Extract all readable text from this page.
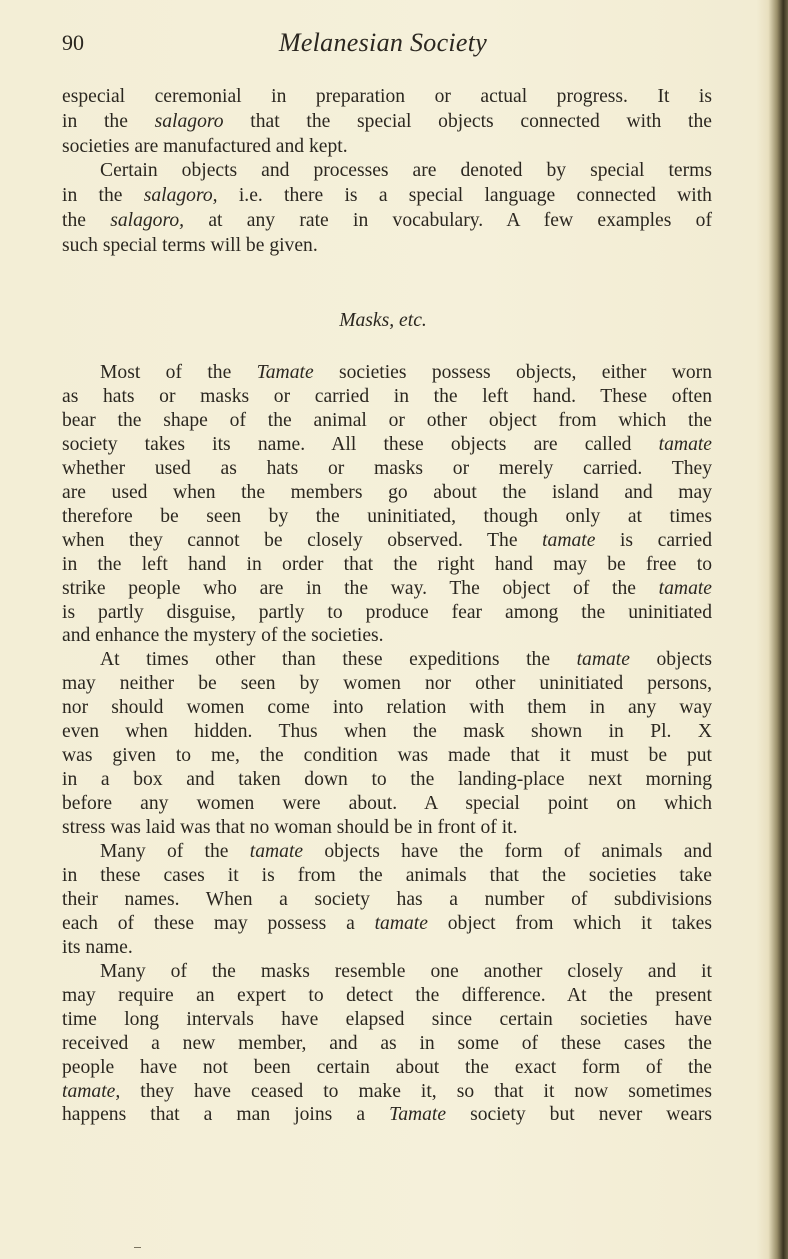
90	Melanesian Society
Masks, etc.
especial ceremonial in preparation or actual progress. It is
in the salagoro that the special objects connected with the
societies are manufactured and kept.
Certain objects and processes are denoted by special terms
in the salagoro, i.e. there is a special language connected with
the salagoro, at any rate in vocabulary. A few examples of
such special terms will be given.
Most of the Tamate societies possess objects, either worn
as hats or masks or carried in the left hand. These often
bear the shape of the animal or other object from which the
society takes its name. All these objects are called tamate
whether used as hats or masks or merely carried. They
are used when the members go about the island and may
therefore be seen by the uninitiated, though only at times
when they cannot be closely observed. The tamate is carried
in the left hand in order that the right hand may be free to
strike people who are in the way. The object of the tamate
is partly disguise, partly to produce fear among the uninitiated
and enhance the mystery of the societies.
At times other than these expeditions the tamate objects
may neither be seen by women nor other uninitiated persons,
nor should women come into relation with them in any way
even when hidden. Thus when the mask shown in Pl. X
was given to me, the condition was made that it must be put
in a box and taken down to the landing-place next morning
before any women were about. A special point on which
stress was laid was that no woman should be in front of it.
Many of the tamate objects have the form of animals and
in these cases it is from the animals that the societies take
their names. When a society has a number of subdivisions
each of these may possess a tamate object from which it takes
its name.
Many of the masks resemble one another closely and it
may require an expert to detect the difference. At the present
time long intervals have elapsed since certain societies have
received a new member, and as in some of these cases the
people have not been certain about the exact form of the
tamate, they have ceased to make it, so that it now sometimes
happens that a man joins a Tamate society but never wears
